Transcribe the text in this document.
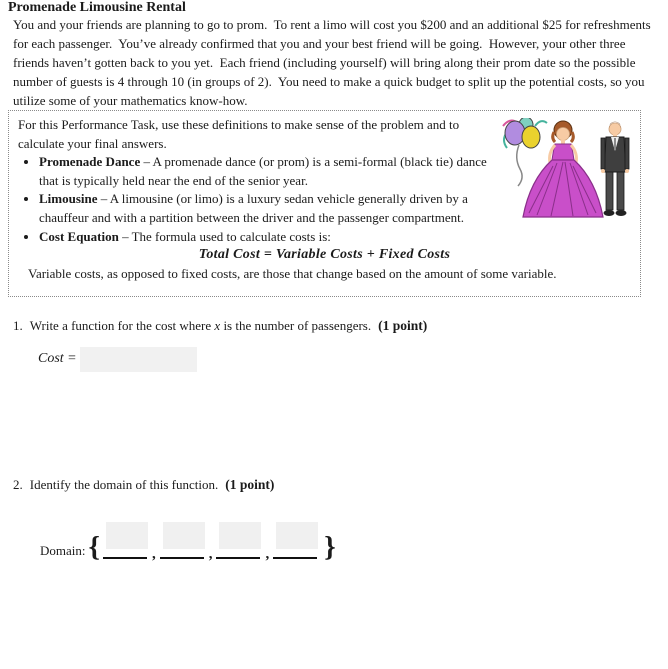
Promenade Limousine Rental
You and your friends are planning to go to prom.  To rent a limo will cost you $200 and an additional $25 for refreshments for each passenger.  You’ve already confirmed that you and your best friend will be going.  However, your other three friends haven’t gotten back to you yet.  Each friend (including yourself) will bring along their prom date so the possible number of guests is 4 through 10 (in groups of 2).  You need to make a quick budget to split up the potential costs, so you utilize some of your mathematics know-how.
For this Performance Task, use these definitions to make sense of the problem and to calculate your final answers.
• Promenade Dance – A promenade dance (or prom) is a semi-formal (black tie) dance that is typically held near the end of the senior year.
• Limousine – A limousine (or limo) is a luxury sedan vehicle generally driven by a chauffeur and with a partition between the driver and the passenger compartment.
• Cost Equation – The formula used to calculate costs is:
Total Cost = Variable Costs + Fixed Costs
Variable costs, as opposed to fixed costs, are those that change based on the amount of some variable.
1. Write a function for the cost where x is the number of passengers. (1 point)
Cost =
2. Identify the domain of this function. (1 point)
Domain: {	,	,	, }
